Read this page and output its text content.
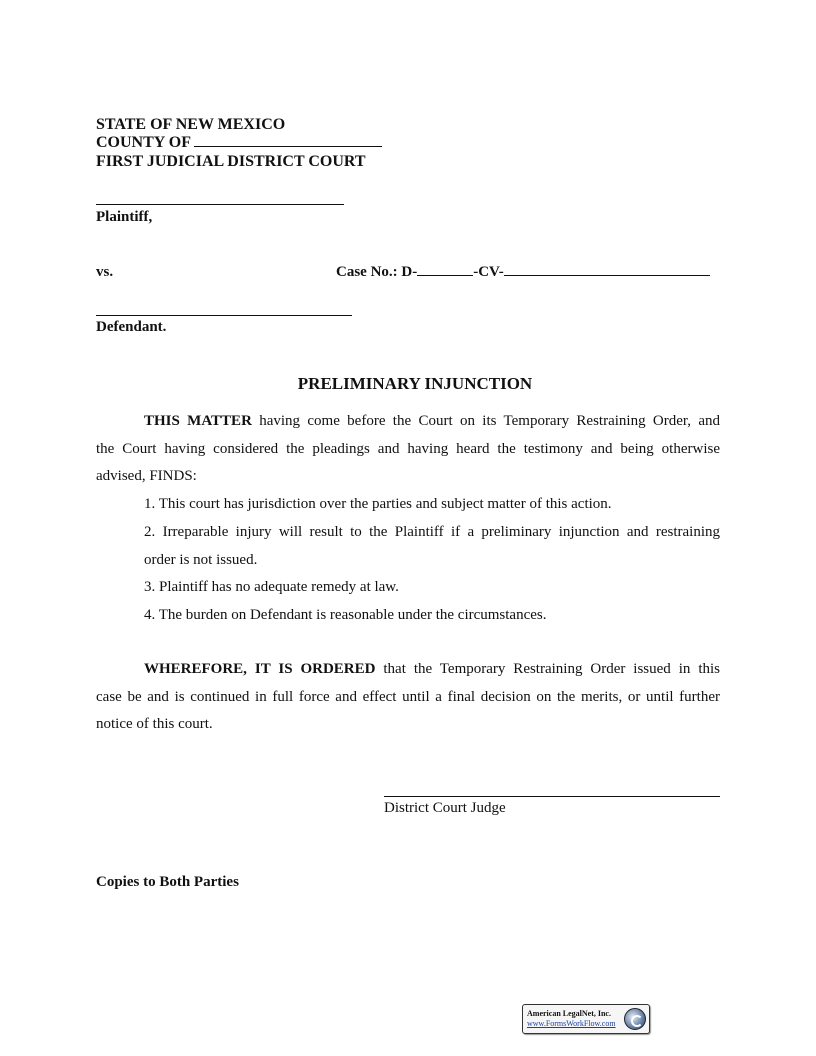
STATE OF NEW MEXICO
COUNTY OF
FIRST JUDICIAL DISTRICT COURT
Plaintiff,
vs.	Case No.: D-	-CV-
Defendant.
PRELIMINARY INJUNCTION
THIS MATTER having come before the Court on its Temporary Restraining Order, and
the Court having considered the pleadings and having heard the testimony and being otherwise
advised, FINDS:
1. This court has jurisdiction over the parties and subject matter of this action.
2. Irreparable injury will result to the Plaintiff if a preliminary injunction and restraining
order is not issued.
3. Plaintiff has no adequate remedy at law.
4. The burden on Defendant is reasonable under the circumstances.
WHEREFORE, IT IS ORDERED that the Temporary Restraining Order issued in this
case be and is continued in full force and effect until a final decision on the merits, or until further
notice of this court.
District Court Judge
Copies to Both Parties
American LegalNet, Inc.
www.FormsWorkFlow.com
